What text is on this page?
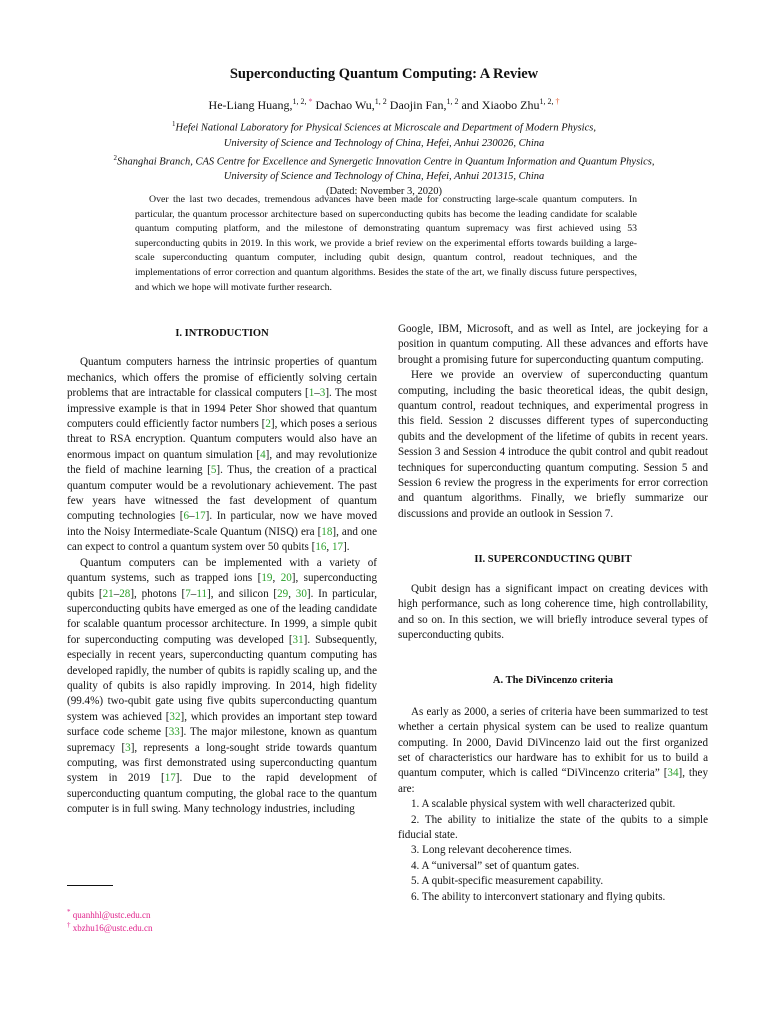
Superconducting Quantum Computing: A Review
He-Liang Huang,$^{1, 2,}$ * Dachao Wu,$^{1, 2}$ Daojin Fan,$^{1, 2}$ and Xiaobo Zhu$^{1, 2,}$ †
$^1$Hefei National Laboratory for Physical Sciences at Microscale and Department of Modern Physics,
University of Science and Technology of China, Hefei, Anhui 230026, China
$^2$Shanghai Branch, CAS Centre for Excellence and Synergetic Innovation Centre in Quantum Information and Quantum Physics,
University of Science and Technology of China, Hefei, Anhui 201315, China
(Dated: November 3, 2020)
Over the last two decades, tremendous advances have been made for constructing large-scale quantum computers. In particular, the quantum processor architecture based on superconducting qubits has become the leading candidate for scalable quantum computing platform, and the milestone of demonstrating quantum supremacy was first achieved using 53 superconducting qubits in 2019. In this work, we provide a brief review on the experimental efforts towards building a large-scale superconducting quantum computer, including qubit design, quantum control, readout techniques, and the implementations of error correction and quantum algorithms. Besides the state of the art, we finally discuss future perspectives, and which we hope will motivate further research.
I. INTRODUCTION

Quantum computers harness the intrinsic properties of quantum mechanics, which offers the promise of efficiently solving certain problems that are intractable for classical computers [1–3]. The most impressive example is that in 1994 Peter Shor showed that quantum computers could efficiently factor numbers [2], which poses a serious threat to RSA encryption. Quantum computers would also have an enormous impact on quantum simulation [4], and may revolutionize the field of machine learning [5]. Thus, the creation of a practical quantum computer would be a revolutionary achievement. The past few years have witnessed the fast development of quantum computing technologies [6–17]. In particular, now we have moved into the Noisy Intermediate-Scale Quantum (NISQ) era [18], and one can expect to control a quantum system over 50 qubits [16, 17].

Quantum computers can be implemented with a variety of quantum systems, such as trapped ions [19, 20], superconducting qubits [21–28], photons [7–11], and silicon [29, 30]. In particular, superconducting qubits have emerged as one of the leading candidate for scalable quantum processor architecture. In 1999, a simple qubit for superconducting computing was developed [31]. Subsequently, especially in recent years, superconducting quantum computing has developed rapidly, the number of qubits is rapidly scaling up, and the quality of qubits is also rapidly improving. In 2014, high fidelity (99.4%) two-qubit gate using five qubits superconducting quantum system was achieved [32], which provides an important step toward surface code scheme [33]. The major milestone, known as quantum supremacy [3], represents a long-sought stride towards quantum computing, was first demonstrated using superconducting quantum system in 2019 [17]. Due to the rapid development of superconducting quantum computing, the global race to the quantum computer is in full swing. Many technology industries, including

Google, IBM, Microsoft, and as well as Intel, are jockeying for a position in quantum computing. All these advances and efforts have brought a promising future for superconducting quantum computing.

Here we provide an overview of superconducting quantum computing, including the basic theoretical ideas, the qubit design, quantum control, readout techniques, and experimental progress in this field. Session 2 discusses different types of superconducting qubits and the development of the lifetime of qubits in recent years. Session 3 and Session 4 introduce the qubit control and qubit readout techniques for superconducting quantum computing. Session 5 and Session 6 review the progress in the experiments for error correction and quantum algorithms. Finally, we briefly summarize our discussions and provide an outlook in Session 7.

II. SUPERCONDUCTING QUBIT

Qubit design has a significant impact on creating devices with high performance, such as long coherence time, high controllability, and so on. In this section, we will briefly introduce several types of superconducting qubits.

A. The DiVincenzo criteria

As early as 2000, a series of criteria have been summarized to test whether a certain physical system can be used to realize quantum computing. In 2000, David DiVincenzo laid out the first organized set of characteristics our hardware has to exhibit for us to build a quantum computer, which is called “DiVincenzo criteria” [34], they are:

1. A scalable physical system with well characterized qubit.
2. The ability to initialize the state of the qubits to a simple fiducial state.
3. Long relevant decoherence times.
4. A “universal” set of quantum gates.
5. A qubit-specific measurement capability.
6. The ability to interconvert stationary and flying qubits.
* quanhhl@ustc.edu.cn
† xbzhu16@ustc.edu.cn
